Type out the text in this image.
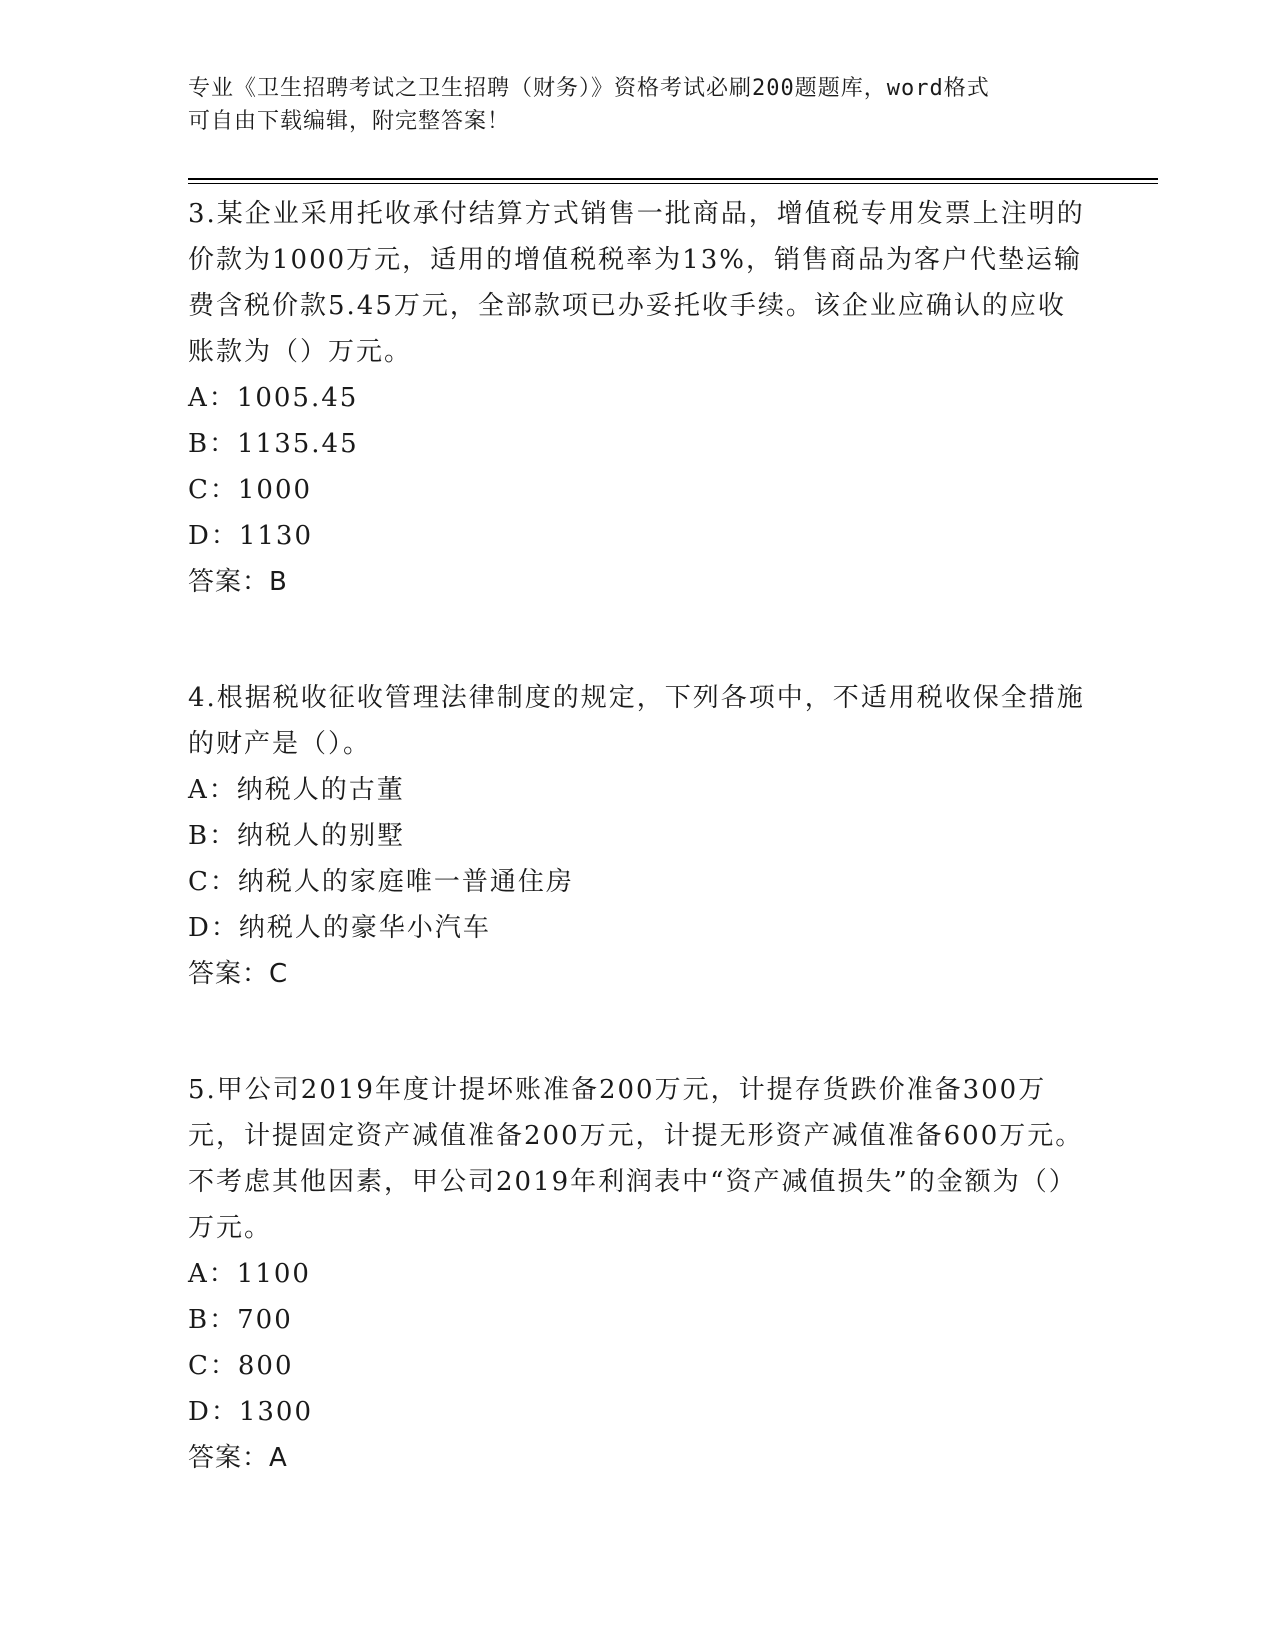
专业《卫生招聘考试之卫生招聘（财务）》资格考试必刷200题题库，word格式
可自由下载编辑，附完整答案！
3.某企业采用托收承付结算方式销售一批商品，增值税专用发票上注明的价款为1000万元，适用的增值税税率为13%，销售商品为客户代垫运输费含税价款5.45万元，全部款项已办妥托收手续。该企业应确认的应收账款为（）万元。
A：1005.45
B：1135.45
C：1000
D：1130
答案：B
4.根据税收征收管理法律制度的规定，下列各项中，不适用税收保全措施的财产是（）。
A：纳税人的古董
B：纳税人的别墅
C：纳税人的家庭唯一普通住房
D：纳税人的豪华小汽车
答案：C
5.甲公司2019年度计提坏账准备200万元，计提存货跌价准备300万元，计提固定资产减值准备200万元，计提无形资产减值准备600万元。不考虑其他因素，甲公司2019年利润表中“资产减值损失”的金额为（）万元。
A：1100
B：700
C：800
D：1300
答案：A
